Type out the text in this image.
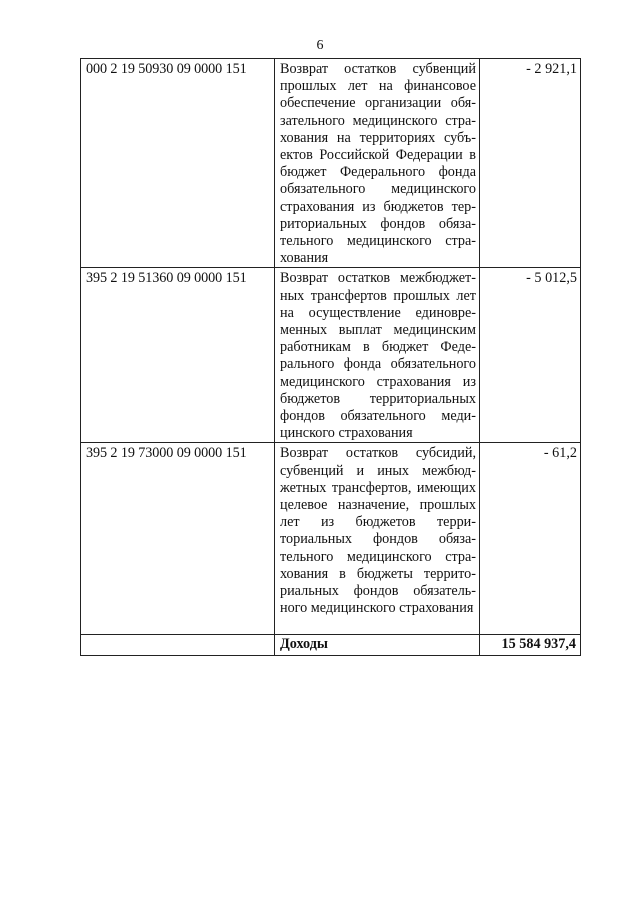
6
000 2 19 50930 09 0000 151	Возврат остатков субвенций прошлых лет на финансовое обеспечение организации обязательного медицинского страхования на территориях субъектов Российской Федерации в бюджет Федерального фонда обязательного медицинского страхования из бюджетов территориальных фондов обязательного медицинского страхования	- 2 921,1
395 2 19 51360 09 0000 151	Возврат остатков межбюджетных трансфертов прошлых лет на осуществление единовременных выплат медицинским работникам в бюджет Федерального фонда обязательного медицинского страхования из бюджетов территориальных фондов обязательного медицинского страхования	- 5 012,5
395 2 19 73000 09 0000 151	Возврат остатков субсидий, субвенций и иных межбюджетных трансфертов, имеющих целевое назначение, прошлых лет из бюджетов территориальных фондов обязательного медицинского страхования в бюджеты территориальных фондов обязательного медицинского страхования	- 61,2
	Доходы	15 584 937,4
